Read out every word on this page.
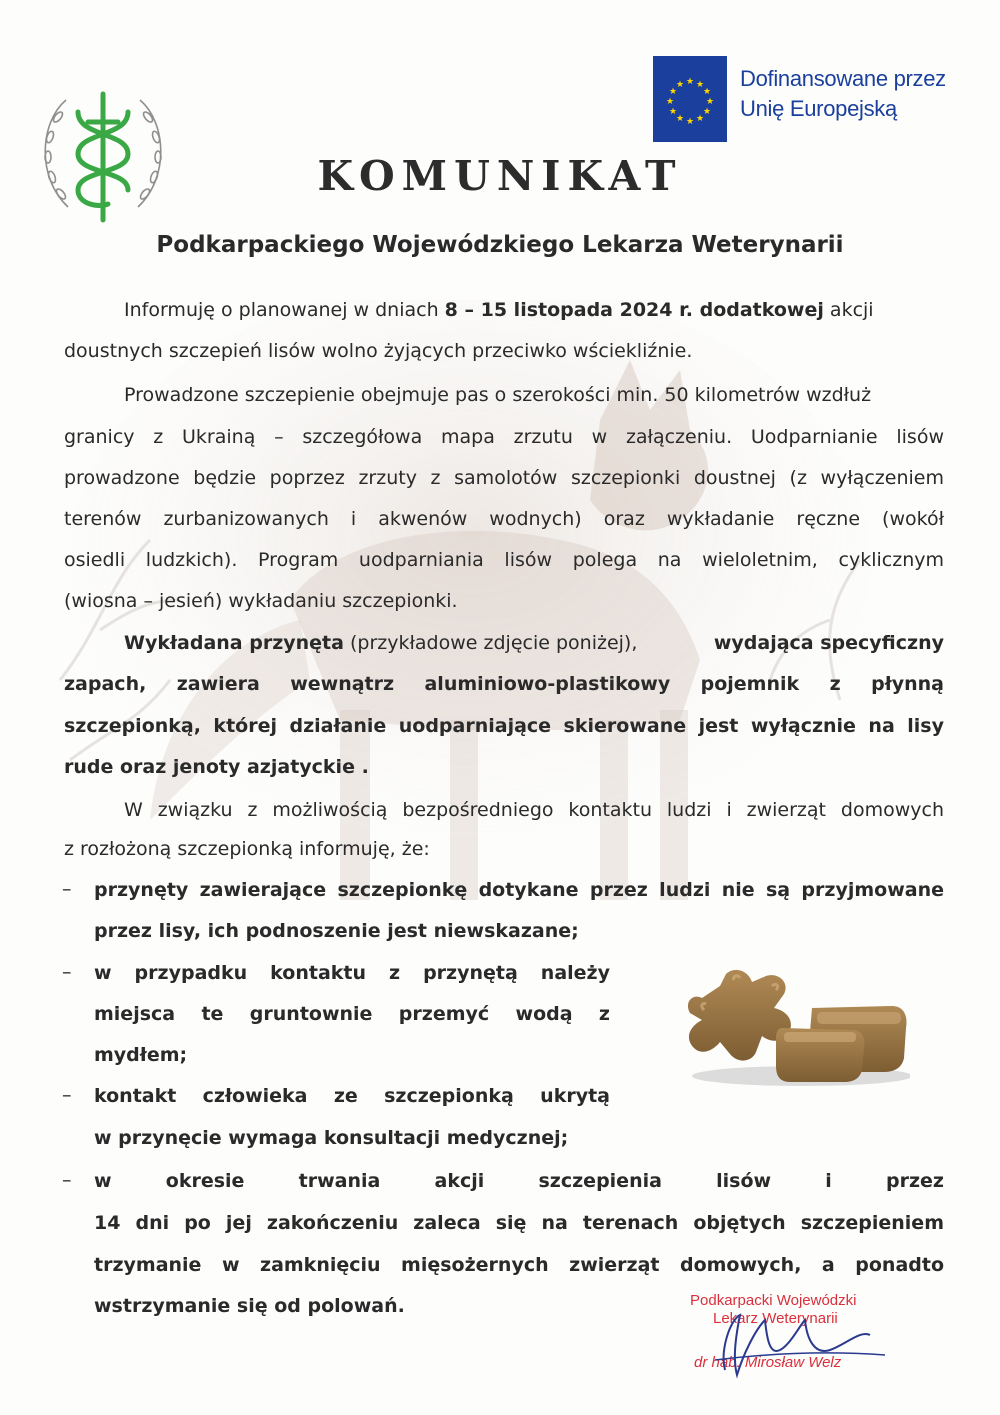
★ ★
★
★
★
★
★
★
★
★
★
★	Dofinansowane przez
Unię Europejską
KOMUNIKAT
Podkarpackiego Wojewódzkiego Lekarza Weterynarii
Informuję o planowanej w dniach 8 – 15 listopada 2024 r. dodatkowej akcji
doustnych szczepień lisów wolno żyjących przeciwko wściekliźnie.
Prowadzone szczepienie obejmuje pas o szerokości min. 50 kilometrów wzdłuż
granicy z Ukrainą – szczegółowa mapa zrzutu w załączeniu. Uodparnianie lisów
prowadzone będzie poprzez zrzuty z samolotów szczepionki doustnej (z wyłączeniem
terenów zurbanizowanych i akwenów wodnych) oraz wykładanie ręczne (wokół
osiedli ludzkich). Program uodparniania lisów polega na wieloletnim, cyklicznym
(wiosna – jesień) wykładaniu szczepionki.
Wykładana przynęta (przykładowe zdjęcie poniżej),	wydająca specyficzny
zapach, zawiera wewnątrz aluminiowo-plastikowy pojemnik z płynną
szczepionką, której działanie uodparniające skierowane jest wyłącznie na lisy
rude oraz jenoty azjatyckie .
W związku z możliwością bezpośredniego kontaktu ludzi i zwierząt domowych
z rozłożoną szczepionką informuję, że:
– przynęty zawierające szczepionkę dotykane przez ludzi nie są przyjmowane
przez lisy, ich podnoszenie jest niewskazane;
– w przypadku kontaktu z przynętą należy
miejsca te gruntownie przemyć wodą z
mydłem;
– kontakt człowieka ze szczepionką ukrytą
w przynęcie wymaga konsultacji medycznej;
– w okresie trwania akcji szczepienia lisów i przez
14 dni po jej zakończeniu zaleca się na terenach objętych szczepieniem
trzymanie w zamknięciu mięsożernych zwierząt domowych, a ponadto
wstrzymanie się od polowań.	Podkarpacki Wojewódzki
Lekarz Weterynarii
dr hab. Mirosław Welz
